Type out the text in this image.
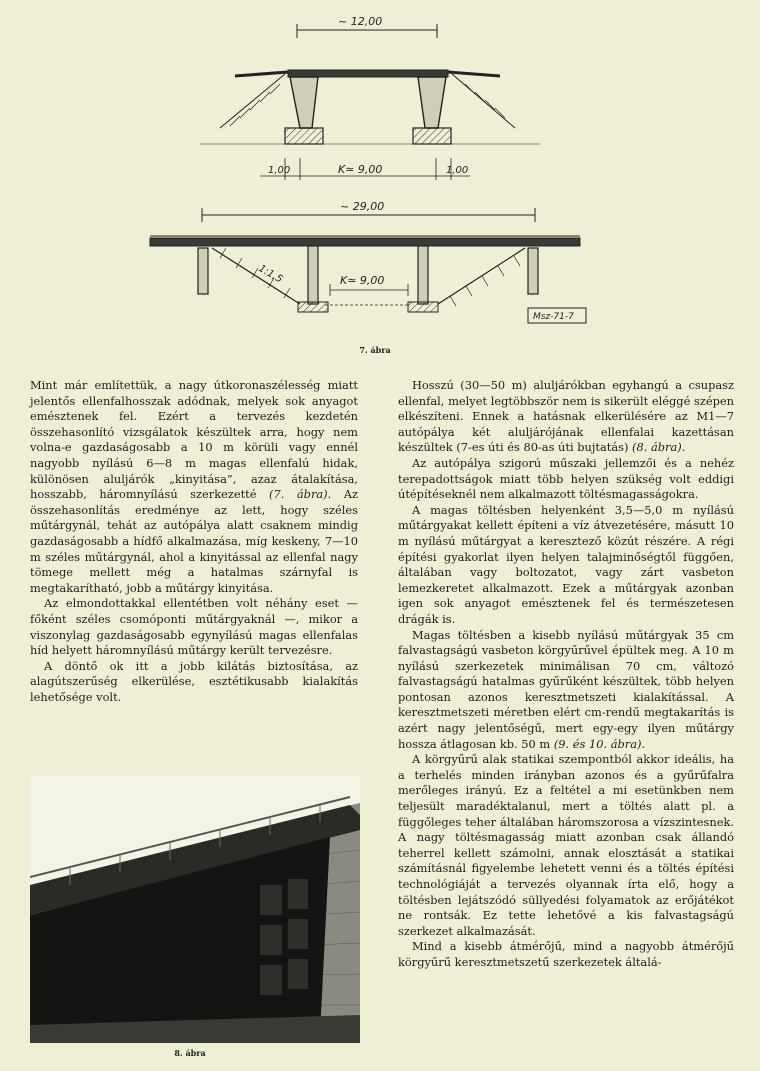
~ 12,00
1,00	K≃ 9,00	1,00
~ 29,00
1:1,5	K≃ 9,00
Msz-71-7
7. ábra

Mint már említettük, a nagy útkoronaszélesség miatt jelentős ellenfalhosszak adódnak, melyek sok anyagot emésztenek fel. Ezért a tervezés kezdetén összehasonlító vizsgálatok készültek arra, hogy nem volna-e gazdaságosabb a 10 m körüli vagy ennél nagyobb nyílású 6—8 m magas ellenfalú hidak, különösen aluljárók „kinyitása”, azaz átalakítása, hosszabb, háromnyílású szerkezetté (7. ábra). Az összehasonlítás eredménye az lett, hogy széles műtárgynál, tehát az autópálya alatt csaknem mindig gazdaságosabb a hídfő alkalmazása, míg keskeny, 7—10 m széles műtárgynál, ahol a kinyitással az ellenfal nagy tömege mellett még a hatalmas szárnyfal is megtakarítható, jobb a műtárgy kinyitása.

Az elmondottakkal ellentétben volt néhány eset — főként széles csomóponti műtárgyaknál —, mikor a viszonylag gazdaságosabb egynyílású magas ellenfalas híd helyett háromnyílású műtárgy került tervezésre.

A döntő ok itt a jobb kilátás biztosítása, az alagútszerűség elkerülése, esztétikusabb kialakítás lehetősége volt.

8. ábra

Hosszú (30—50 m) aluljárókban egyhangú a csupasz ellenfal, melyet legtöbbször nem is sikerült eléggé szépen elkészíteni. Ennek a hatásnak elkerülésére az M1—7 autópálya két aluljárójának ellenfalai kazettásan készültek (7-es úti és 80-as úti bujtatás) (8. ábra).

Az autópálya szigorú műszaki jellemzői és a nehéz terepadottságok miatt több helyen szükség volt eddigi útépítéseknél nem alkalmazott töltésmagasságokra.

A magas töltésben helyenként 3,5—5,0 m nyílású műtárgyakat kellett építeni a víz átvezetésére, másutt 10 m nyílású műtárgyat a keresztező közút részére. A régi építési gyakorlat ilyen helyen talajminőségtől függően, általában vagy boltozatot, vagy zárt vasbeton lemezkeretet alkalmazott. Ezek a műtárgyak azonban igen sok anyagot emésztenek fel és természetesen drágák is.

Magas töltésben a kisebb nyílású műtárgyak 35 cm falvastagságú vasbeton körgyűrűvel épültek meg. A 10 m nyílású szerkezetek minimálisan 70 cm, változó falvastagságú hatalmas gyűrűként készültek, több helyen pontosan azonos keresztmetszeti kialakítással. A keresztmetszeti méretben elért cm-rendű megtakarítás is azért nagy jelentőségű, mert egy-egy ilyen műtárgy hossza átlagosan kb. 50 m (9. és 10. ábra).

A körgyűrű alak statikai szempontból akkor ideális, ha a terhelés minden irányban azonos és a gyűrűfalra merőleges irányú. Ez a feltétel a mi esetünkben nem teljesült maradéktalanul, mert a töltés alatt pl. a függőleges teher általában háromszorosa a vízszintesnek. A nagy töltésmagasság miatt azonban csak állandó teherrel kellett számolni, annak elosztását a statikai számításnál figyelembe lehetett venni és a töltés építési technológiáját a tervezés olyannak írta elő, hogy a töltésben lejátszódó süllyedési folyamatok az erőjátékot ne rontsák. Ez tette lehetővé a kis falvastagságú szerkezet alkalmazását.

Mind a kisebb átmérőjű, mind a nagyobb átmérőjű körgyűrű keresztmetszetű szerkezetek általá-
